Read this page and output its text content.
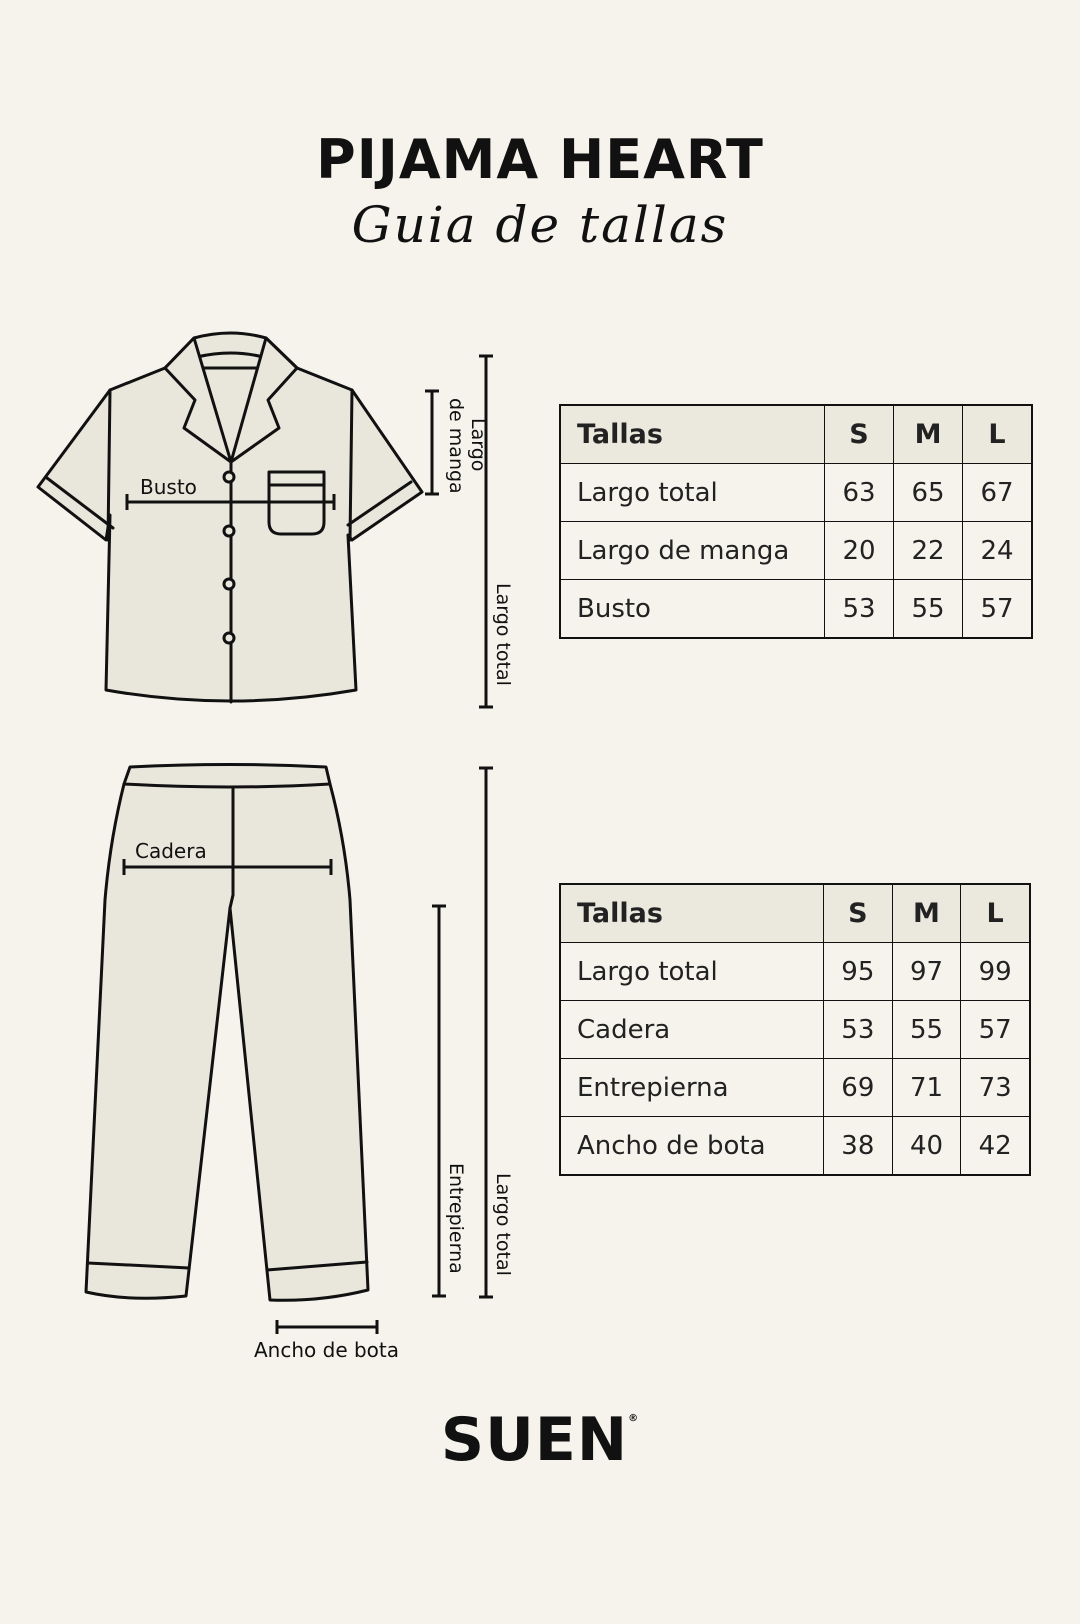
PIJAMA HEART
Guia de tallas
Busto
Largo
de manga
Largo total
Cadera
Entrepierna Largo total
Ancho de bota
Tallas	S	M	L
Largo total	63	65	67
Largo de manga	20	22	24
Busto	53	55	57
Tallas	S	M	L
Largo total	95	97	99
Cadera	53	55	57
Entrepierna	69	71	73
Ancho de bota	38	40	42
SUEN®
